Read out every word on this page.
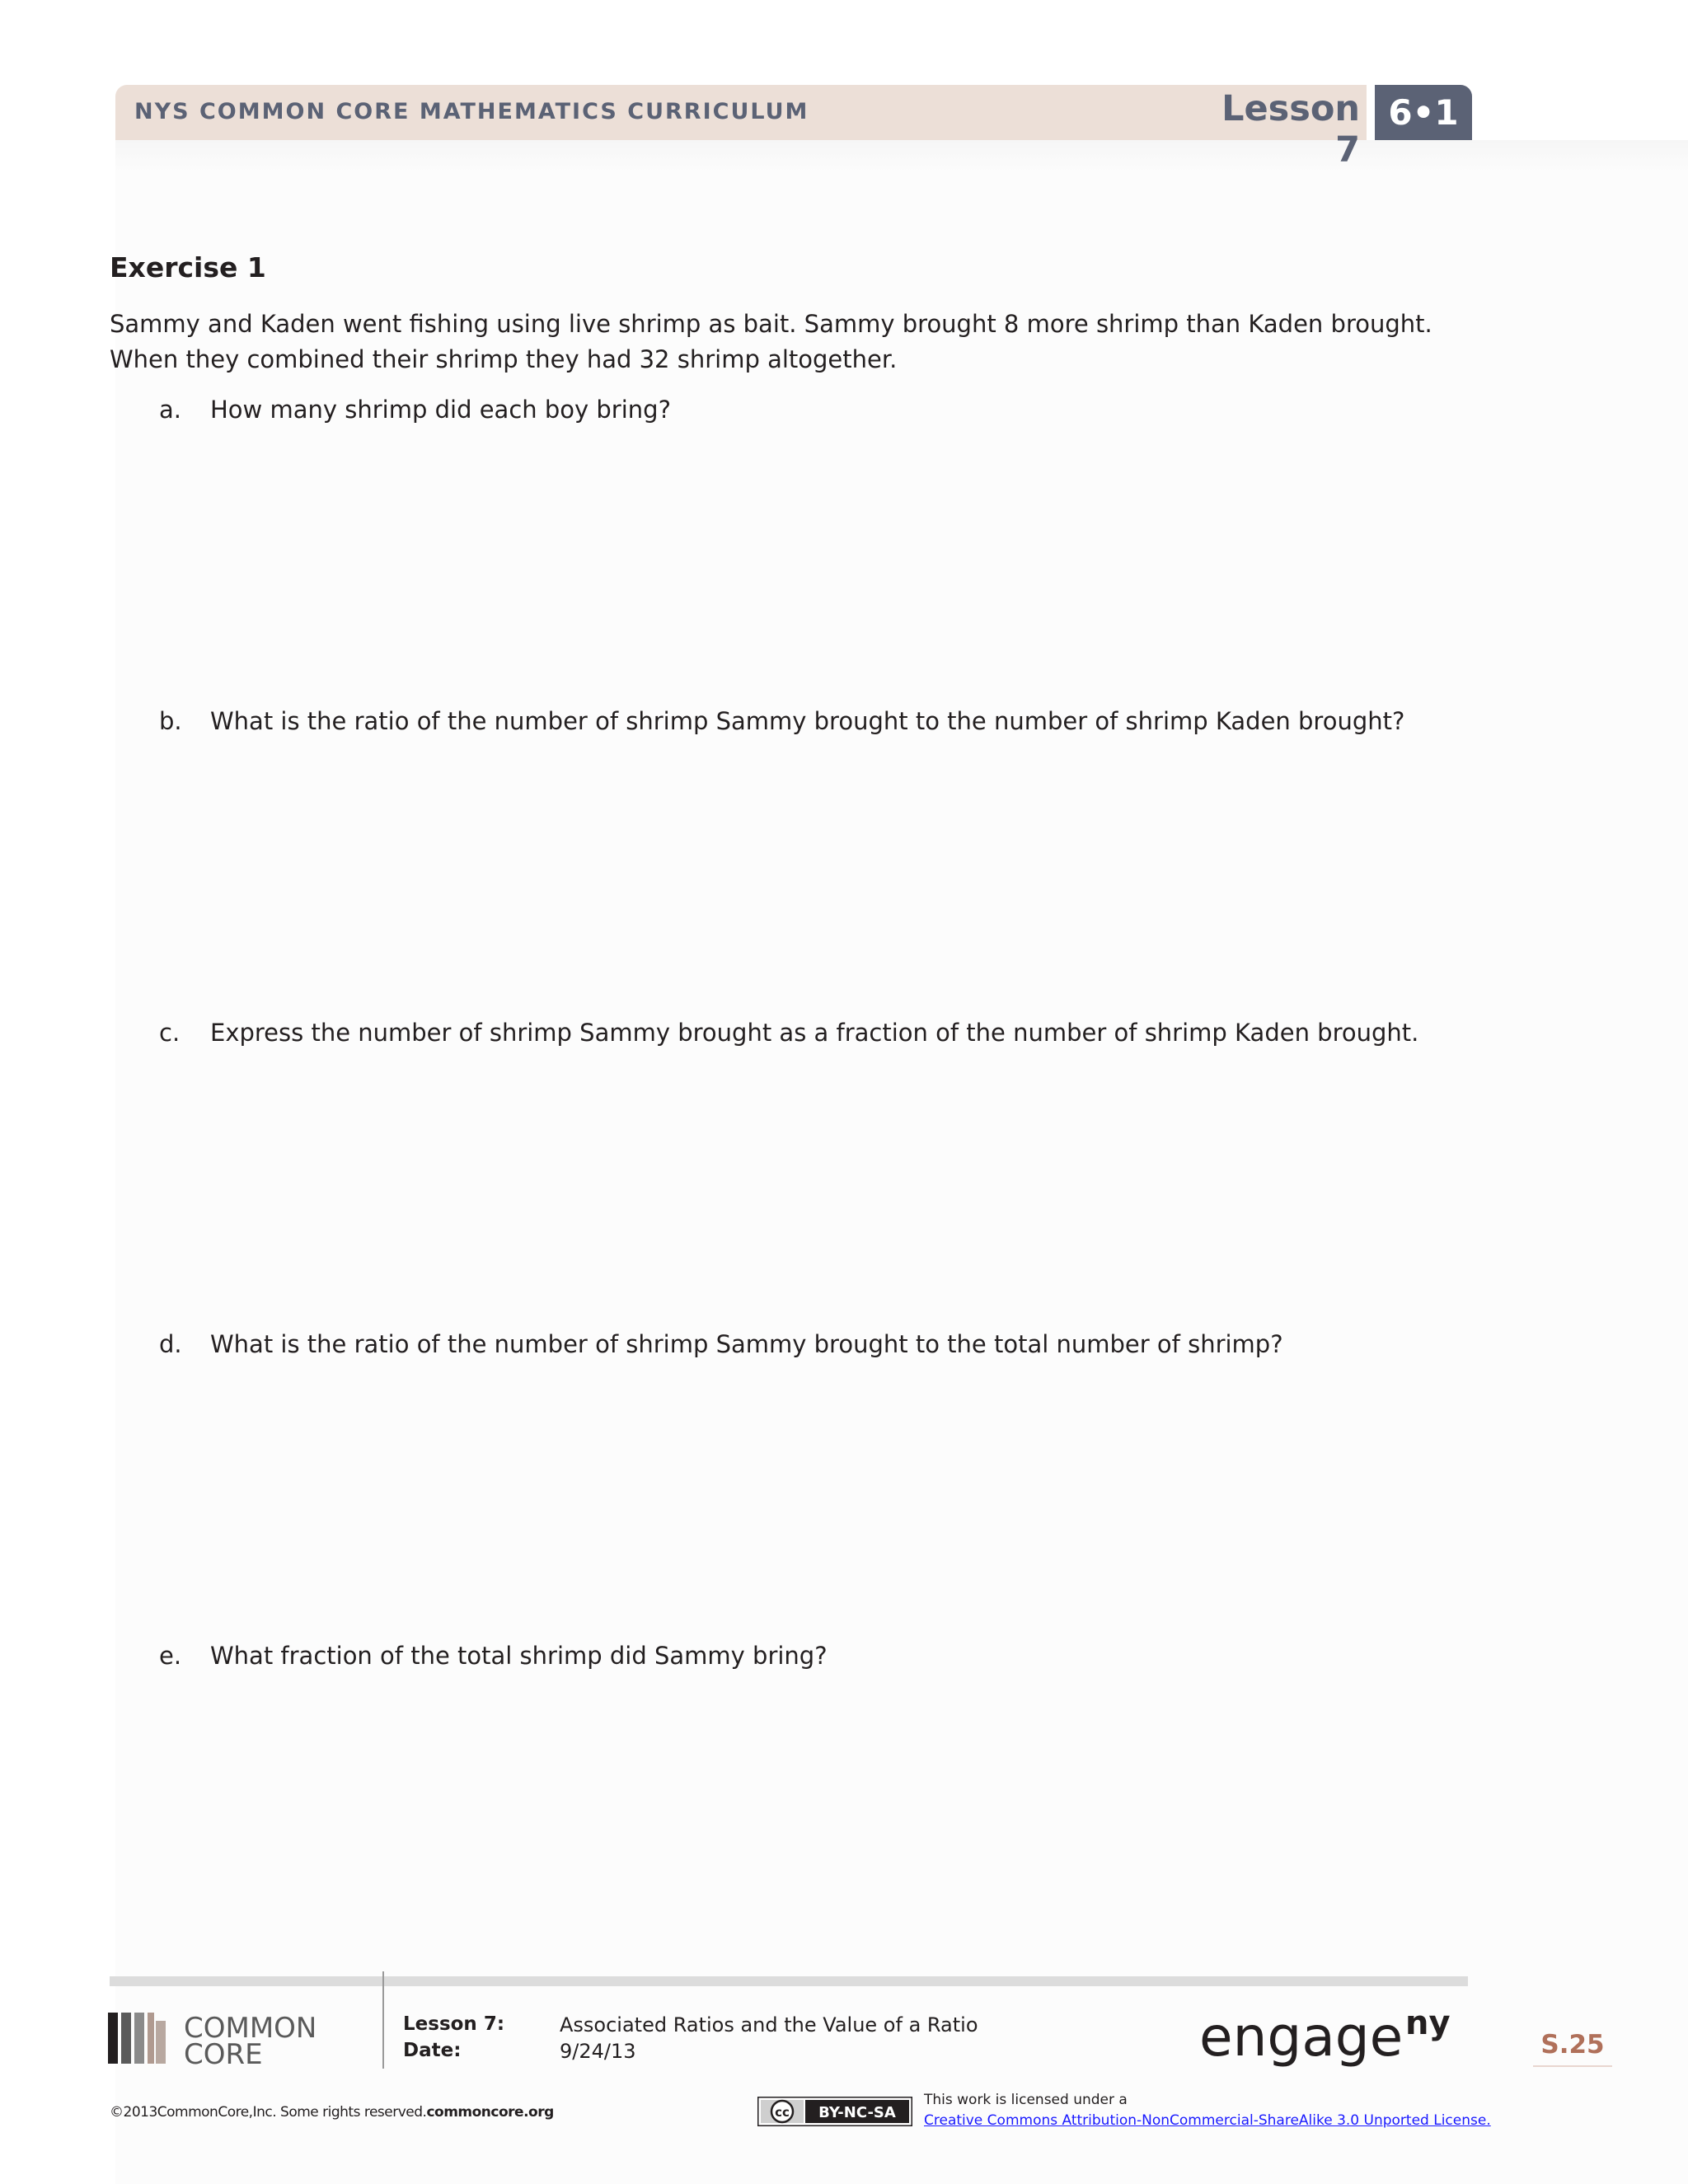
NYS COMMON CORE MATHEMATICS CURRICULUM	Lesson 7
6•1
Exercise 1
Sammy and Kaden went fishing using live shrimp as bait. Sammy brought 8 more shrimp than Kaden brought. When they combined their shrimp they had 32 shrimp altogether.
a.	How many shrimp did each boy bring?
b.	What is the ratio of the number of shrimp Sammy brought to the number of shrimp Kaden brought?
c.	Express the number of shrimp Sammy brought as a fraction of the number of shrimp Kaden brought.
d.	What is the ratio of the number of shrimp Sammy brought to the total number of shrimp?
e.	What fraction of the total shrimp did Sammy bring?
COMMON
CORE
Lesson 7:
Date:
Associated Ratios and the Value of a Ratio
9/24/13	engage ny
S.25
©2013CommonCore,Inc. Some rights reserved.commoncore.org	cc BY-NC-SA
This work is licensed under a
Creative Commons Attribution-NonCommercial-ShareAlike 3.0 Unported License.
